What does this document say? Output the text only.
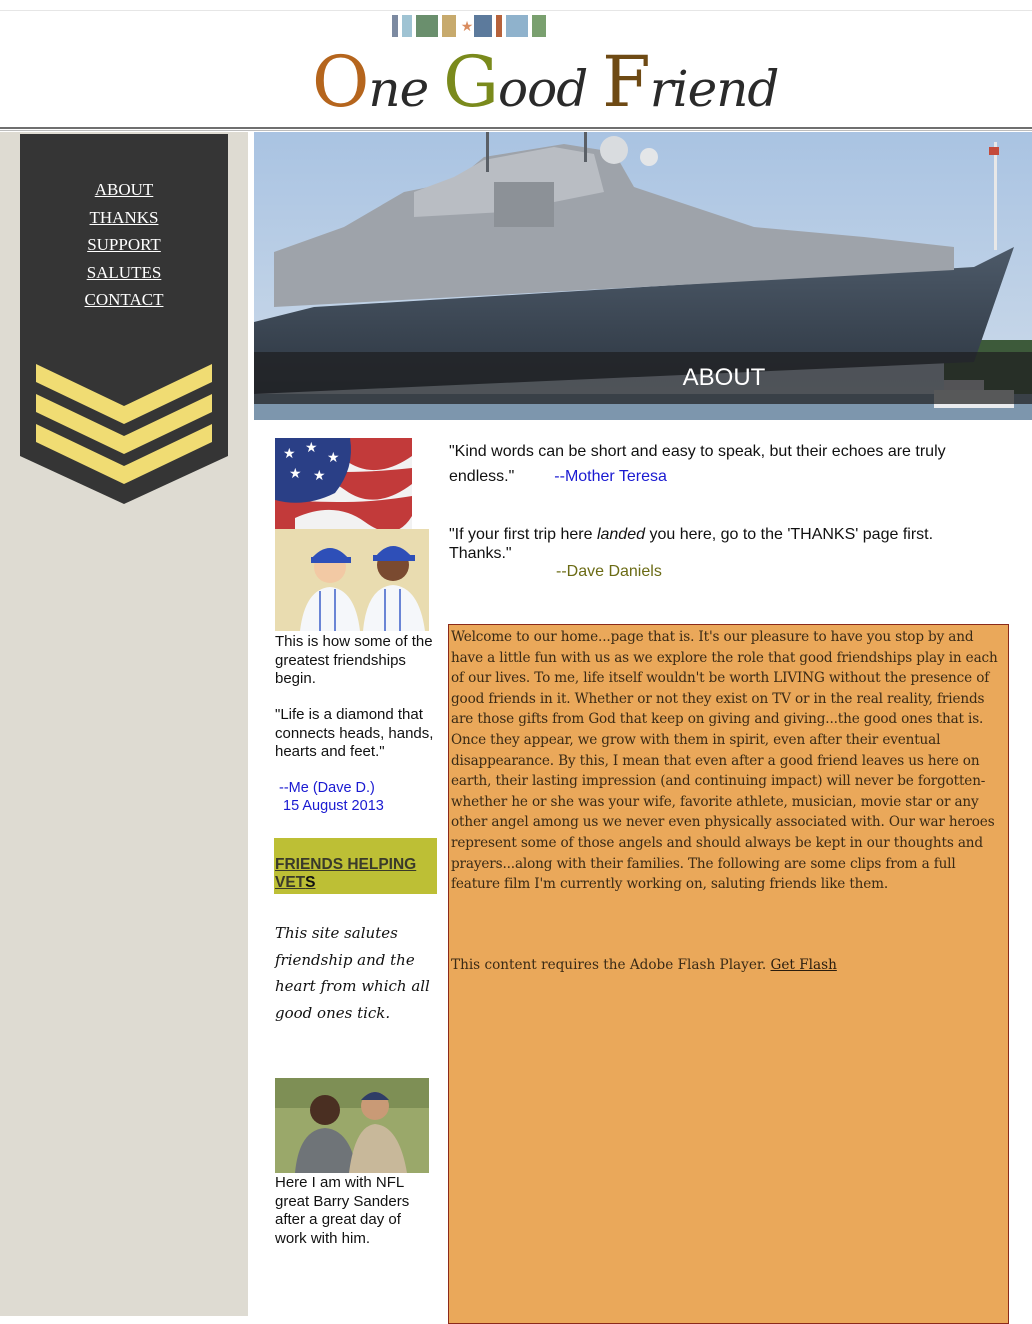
★
One Good Friend
ABOUT
THANKS
SUPPORT
SALUTES
CONTACT
ABOUT
★ ★
★
★ ★
This is how some of the greatest friendships begin.
"Life is a diamond that connects heads, hands, hearts and feet."
--Me (Dave D.)
15 August 2013
FRIENDS HELPING VETS
This site salutes friendship and the heart from which all good ones tick.
Here I am with NFL great Barry Sanders after a great day of work with him.
"Kind words can be short and easy to speak, but their echoes are truly endless."	--Mother Teresa
"If your first trip here landed you here, go to the 'THANKS' page first. Thanks."
--Dave Daniels
Welcome to our home...page that is. It's our pleasure to have you stop by and have a little fun with us as we explore the role that good friendships play in each of our lives. To me, life itself wouldn't be worth LIVING without the presence of good friends in it. Whether or not they exist on TV or in the real reality, friends are those gifts from God that keep on giving and giving...the good ones that is. Once they appear, we grow with them in spirit, even after their eventual disappearance. By this, I mean that even after a good friend leaves us here on earth, their lasting impression (and continuing impact) will never be forgotten-whether he or she was your wife, favorite athlete, musician, movie star or any other angel among us we never even physically associated with. Our war heroes represent some of those angels and should always be kept in our thoughts and prayers...along with their families. The following are some clips from a full feature film I'm currently working on, saluting friends like them.
This content requires the Adobe Flash Player. Get Flash
